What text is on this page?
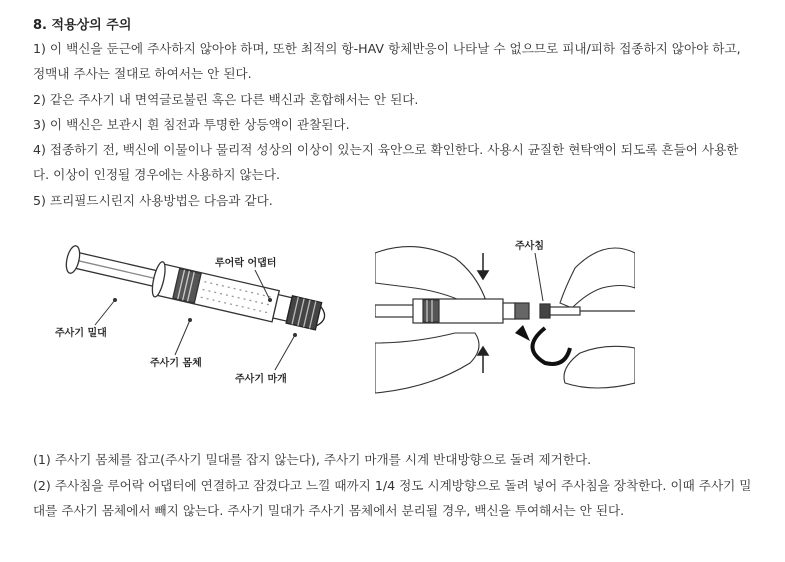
8. 적용상의 주의
1) 이 백신을 둔근에 주사하지 않아야 하며, 또한 최적의 항-HAV 항체반응이 나타날 수 없으므로 피내/피하 접종하지 않아야 하고, 정맥내 주사는 절대로 하여서는 안 된다.
2) 같은 주사기 내 면역글로불린 혹은 다른 백신과 혼합해서는 안 된다.
3) 이 백신은 보관시 흰 침전과 투명한 상등액이 관찰된다.
4) 접종하기 전, 백신에 이물이나 물리적 성상의 이상이 있는지 육안으로 확인한다. 사용시 균질한 현탁액이 되도록 흔들어 사용한다. 이상이 인정될 경우에는 사용하지 않는다.
5) 프리필드시린지 사용방법은 다음과 같다.
루어락 어댑터
주사기 밀대
주사기 몸체
주사기 마개
주사침
(1) 주사기 몸체를 잡고(주사기 밀대를 잡지 않는다), 주사기 마개를 시계 반대방향으로 돌려 제거한다.
(2) 주사침을 루어락 어댑터에 연결하고 잠겼다고 느낄 때까지 1/4 정도 시계방향으로 돌려 넣어 주사침을 장착한다. 이때 주사기 밀대를 주사기 몸체에서 빼지 않는다. 주사기 밀대가 주사기 몸체에서 분리될 경우, 백신을 투여해서는 안 된다.
